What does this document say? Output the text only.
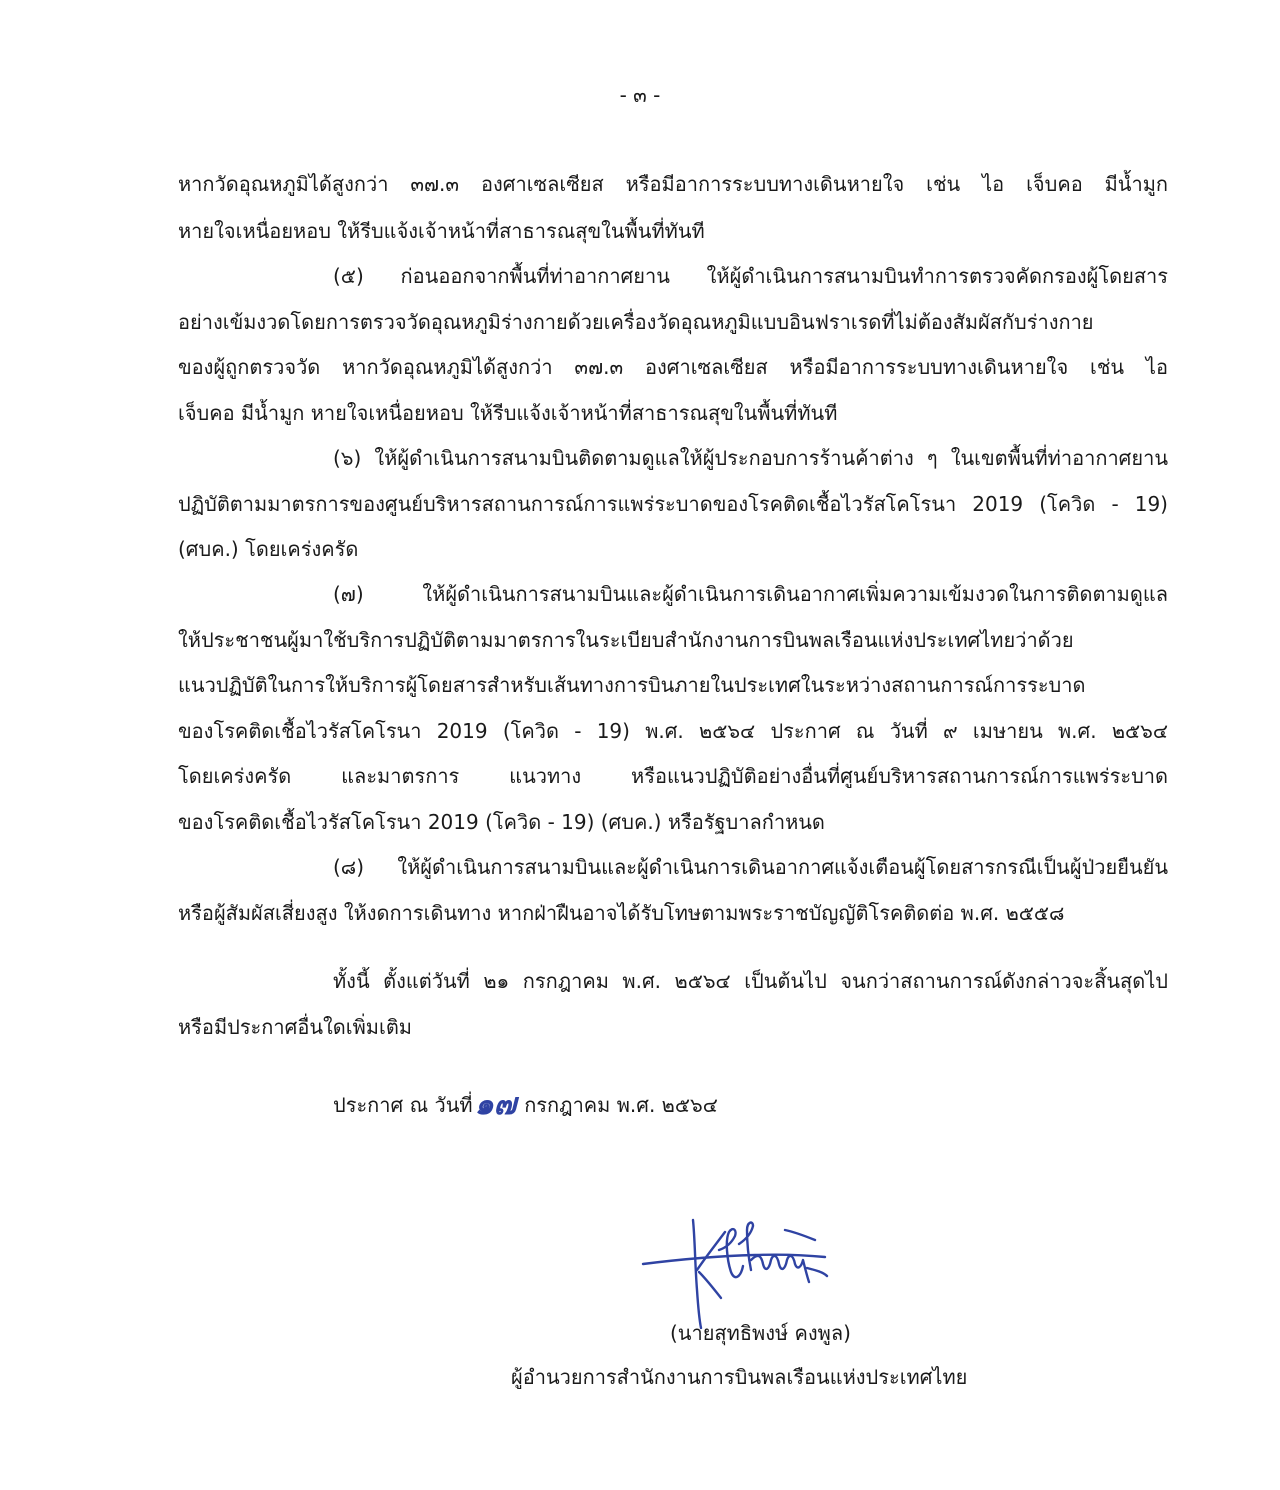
- ๓ -
หากวัดอุณหภูมิได้สูงกว่า ๓๗.๓ องศาเซลเซียส หรือมีอาการระบบทางเดินหายใจ เช่น ไอ เจ็บคอ มีน้ำมูก
หายใจเหนื่อยหอบ ให้รีบแจ้งเจ้าหน้าที่สาธารณสุขในพื้นที่ทันที
(๕) ก่อนออกจากพื้นที่ท่าอากาศยาน ให้ผู้ดำเนินการสนามบินทำการตรวจคัดกรองผู้โดยสาร
อย่างเข้มงวดโดยการตรวจวัดอุณหภูมิร่างกายด้วยเครื่องวัดอุณหภูมิแบบอินฟราเรดที่ไม่ต้องสัมผัสกับร่างกาย
ของผู้ถูกตรวจวัด หากวัดอุณหภูมิได้สูงกว่า ๓๗.๓ องศาเซลเซียส หรือมีอาการระบบทางเดินหายใจ เช่น ไอ
เจ็บคอ มีน้ำมูก หายใจเหนื่อยหอบ ให้รีบแจ้งเจ้าหน้าที่สาธารณสุขในพื้นที่ทันที
(๖) ให้ผู้ดำเนินการสนามบินติดตามดูแลให้ผู้ประกอบการร้านค้าต่าง ๆ ในเขตพื้นที่ท่าอากาศยาน
ปฏิบัติตามมาตรการของศูนย์บริหารสถานการณ์การแพร่ระบาดของโรคติดเชื้อไวรัสโคโรนา 2019 (โควิด - 19)
(ศบค.) โดยเคร่งครัด
(๗) ให้ผู้ดำเนินการสนามบินและผู้ดำเนินการเดินอากาศเพิ่มความเข้มงวดในการติดตามดูแล
ให้ประชาชนผู้มาใช้บริการปฏิบัติตามมาตรการในระเบียบสำนักงานการบินพลเรือนแห่งประเทศไทยว่าด้วย
แนวปฏิบัติในการให้บริการผู้โดยสารสำหรับเส้นทางการบินภายในประเทศในระหว่างสถานการณ์การระบาด
ของโรคติดเชื้อไวรัสโคโรนา 2019 (โควิด - 19) พ.ศ. ๒๕๖๔ ประกาศ ณ วันที่ ๙ เมษายน พ.ศ. ๒๕๖๔
โดยเคร่งครัด และมาตรการ แนวทาง หรือแนวปฏิบัติอย่างอื่นที่ศูนย์บริหารสถานการณ์การแพร่ระบาด
ของโรคติดเชื้อไวรัสโคโรนา 2019 (โควิด - 19) (ศบค.) หรือรัฐบาลกำหนด
(๘) ให้ผู้ดำเนินการสนามบินและผู้ดำเนินการเดินอากาศแจ้งเตือนผู้โดยสารกรณีเป็นผู้ป่วยยืนยัน
หรือผู้สัมผัสเสี่ยงสูง ให้งดการเดินทาง หากฝ่าฝืนอาจได้รับโทษตามพระราชบัญญัติโรคติดต่อ พ.ศ. ๒๕๕๘
ทั้งนี้ ตั้งแต่วันที่ ๒๑ กรกฎาคม พ.ศ. ๒๕๖๔ เป็นต้นไป จนกว่าสถานการณ์ดังกล่าวจะสิ้นสุดไป
หรือมีประกาศอื่นใดเพิ่มเติม
ประกาศ ณ วันที่๑๗ กรกฎาคม พ.ศ. ๒๕๖๔
(นายสุทธิพงษ์ คงพูล)
ผู้อำนวยการสำนักงานการบินพลเรือนแห่งประเทศไทย
